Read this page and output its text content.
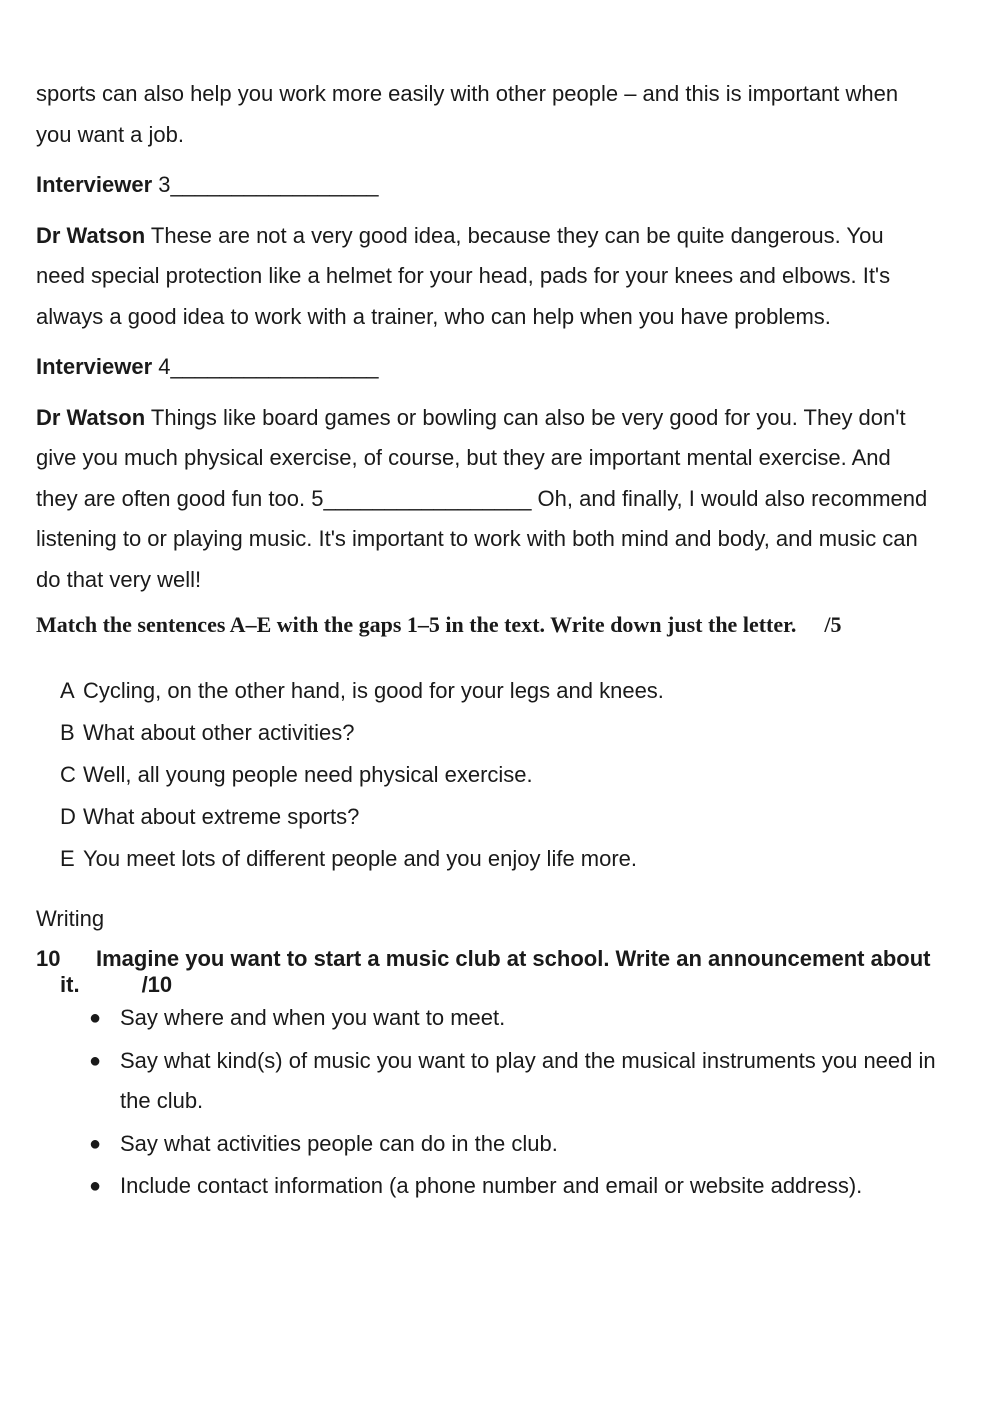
sports can also help you work more easily with other people – and this is important when you want a job.

Interviewer 3_________________

Dr Watson These are not a very good idea, because they can be quite dangerous. You need special protection like a helmet for your head, pads for your knees and elbows. It's always a good idea to work with a trainer, who can help when you have problems.

Interviewer 4_________________

Dr Watson Things like board games or bowling can also be very good for you. They don't give you much physical exercise, of course, but they are important mental exercise. And they are often good fun too. 5_________________ Oh, and finally, I would also recommend listening to or playing music. It's important to work with both mind and body, and music can do that very well!

Match the sentences A–E with the gaps 1–5 in the text. Write down just the letter. /5

A Cycling, on the other hand, is good for your legs and knees.
B What about other activities?
C Well, all young people need physical exercise.
D What about extreme sports?
E You meet lots of different people and you enjoy life more.

Writing

10 Imagine you want to start a music club at school. Write an announcement about it.	/10

● Say where and when you want to meet.
● Say what kind(s) of music you want to play and the musical instruments you need in the club.
● Say what activities people can do in the club.
● Include contact information (a phone number and email or website address).
